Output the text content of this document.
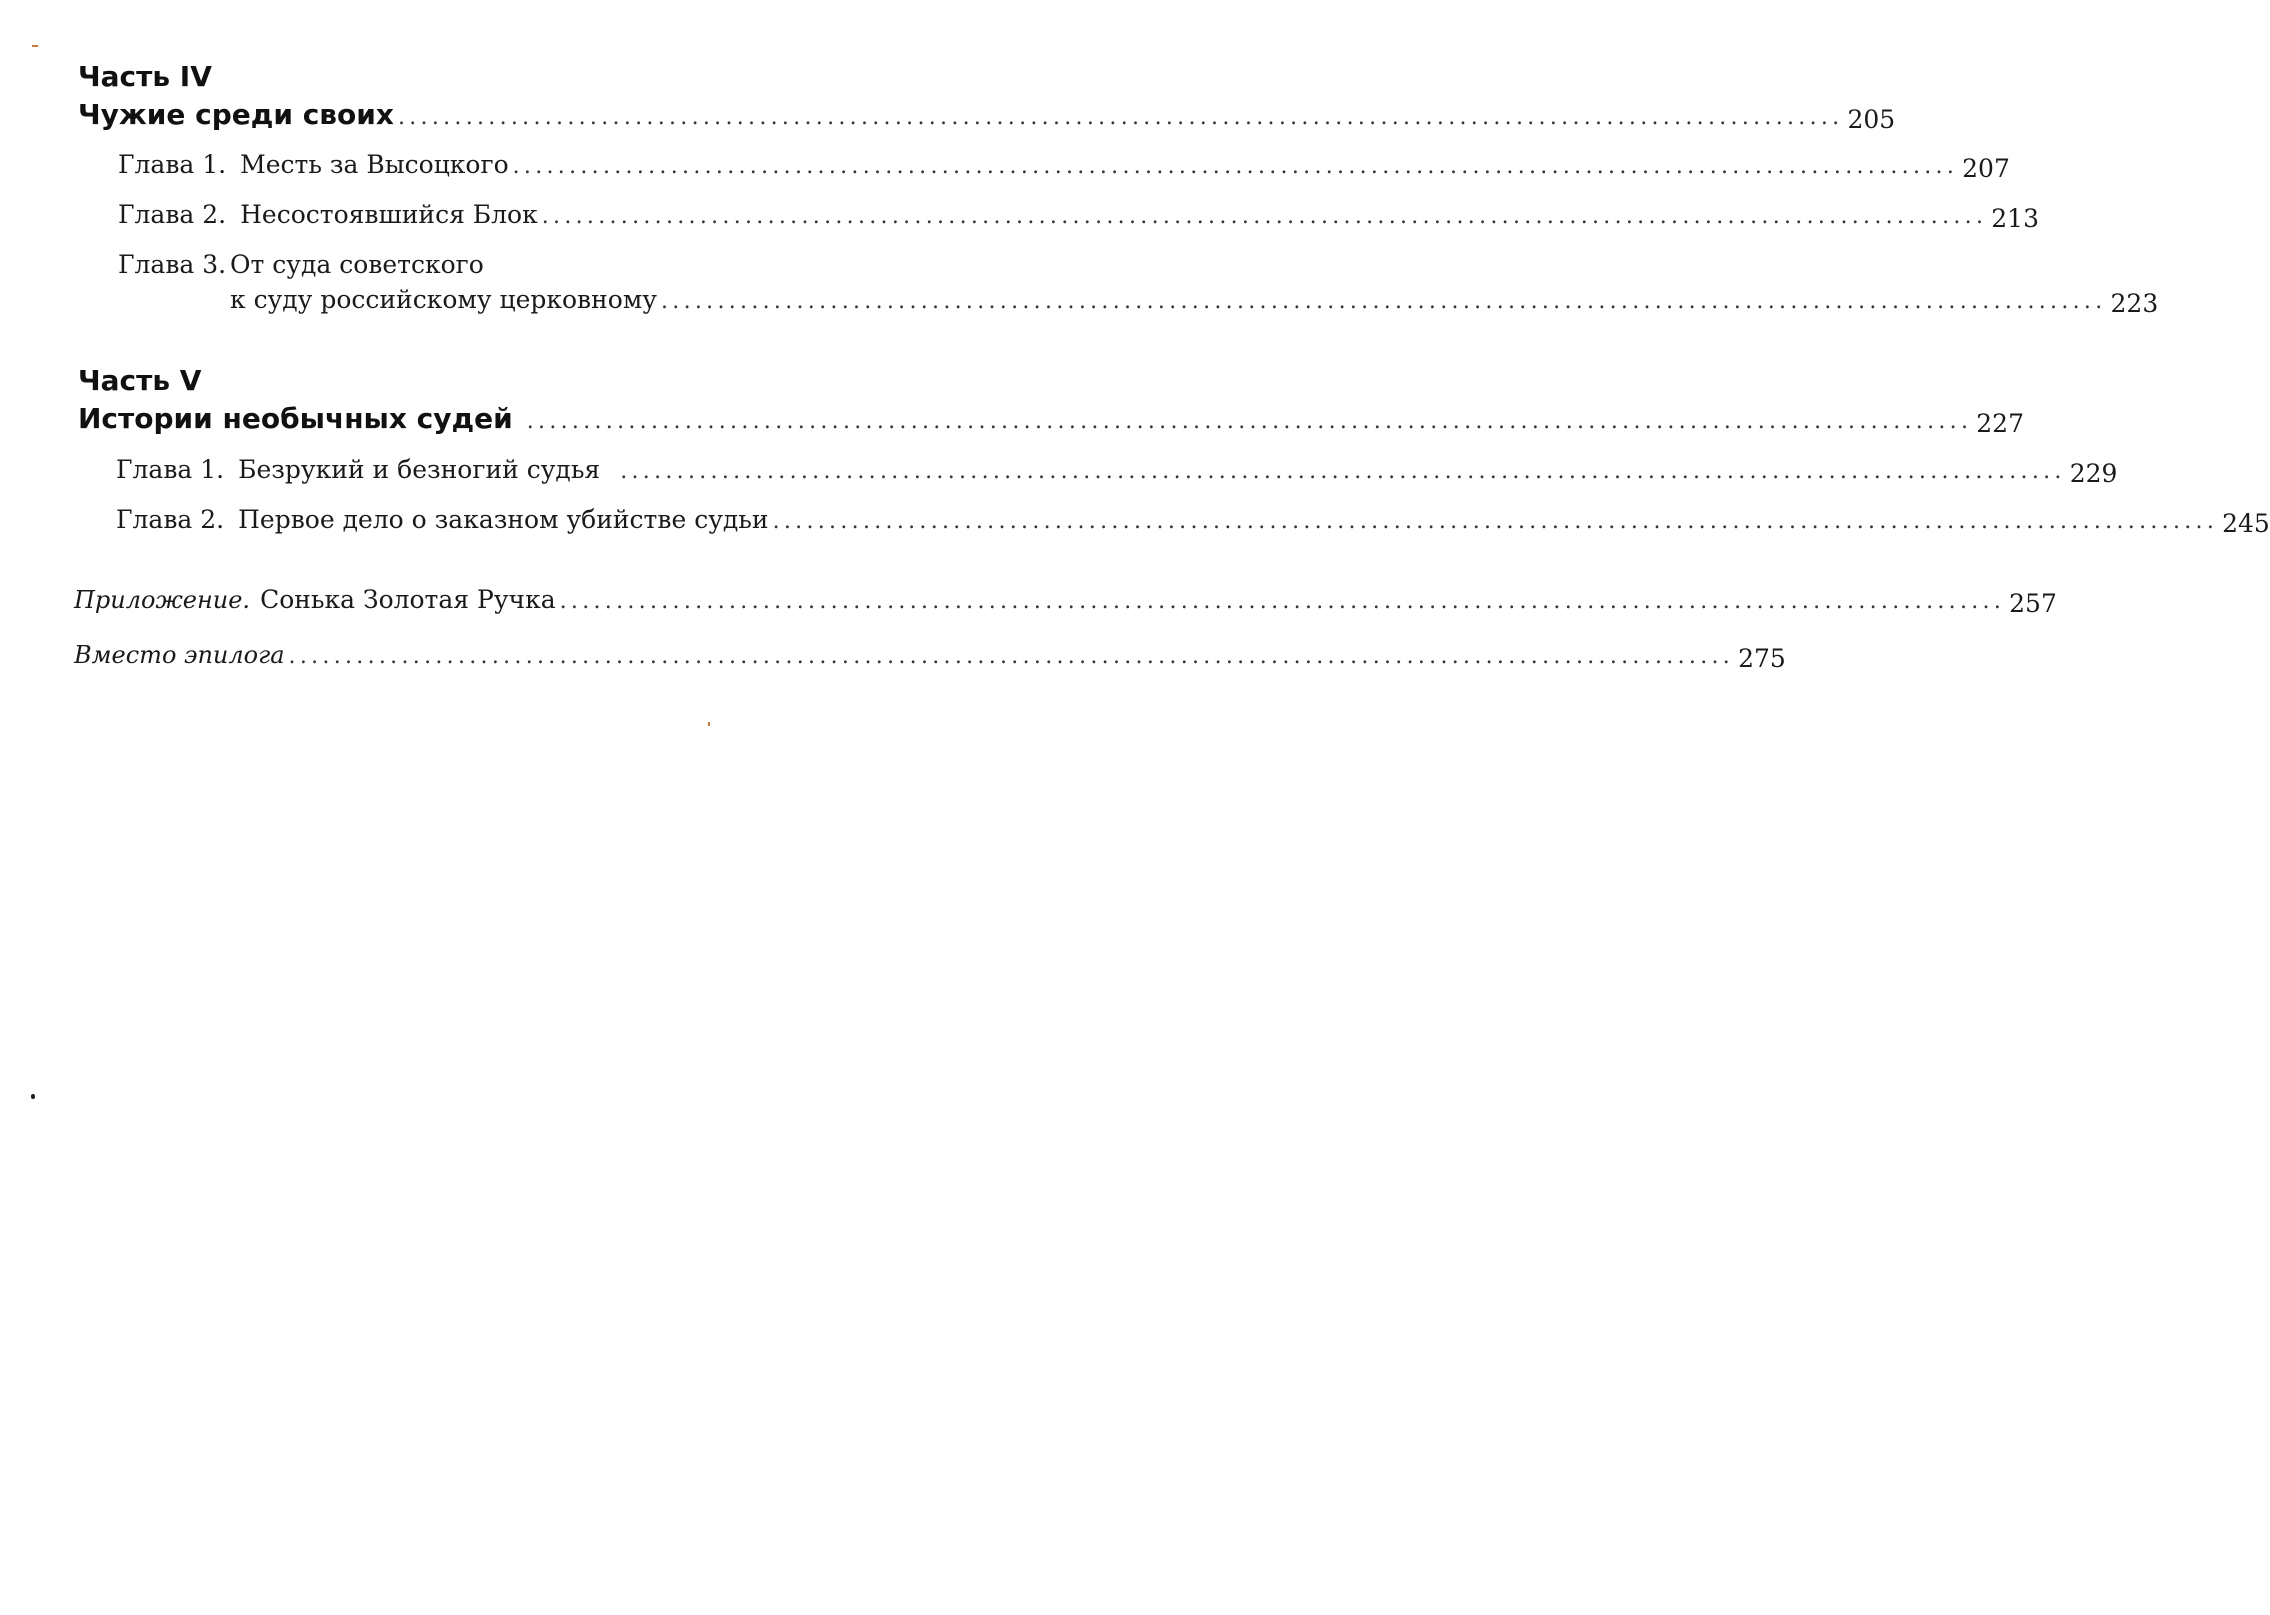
Часть IV
Чужие среди своих ................................................................................................................................ 205
Глава 1. Месть за Высоцкого ................................................................................................................................ 207
Глава 2. Несостоявшийся Блок ................................................................................................................................ 213
Глава 3. От суда советского
к суду российскому церковному ................................................................................................................................ 223
Часть V
Истории необычных судей ................................................................................................................................ 227
Глава 1. Безрукий и безногий судья ................................................................................................................................ 229
Глава 2. Первое дело о заказном убийстве судьи ................................................................................................................................ 245
Приложение. Сонька Золотая Ручка ................................................................................................................................ 257
Вместо эпилога ................................................................................................................................ 275
